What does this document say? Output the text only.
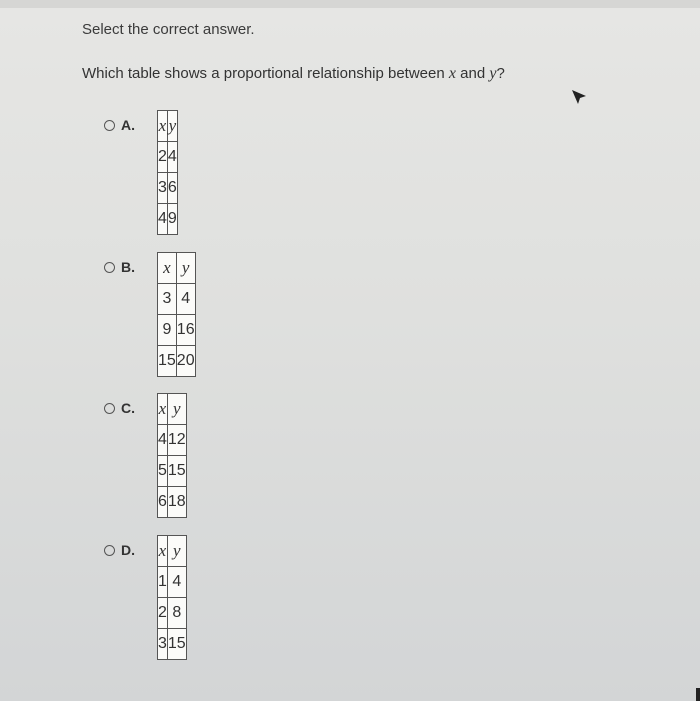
Select the correct answer.
Which table shows a proportional relationship between x and y?
A. x	y
2	4
3	6
4	9
B. x	y
3	4
9	16
15	20
C. x	y
4	12
5	15
6	18
D. x	y
1	4
2	8
3	15
